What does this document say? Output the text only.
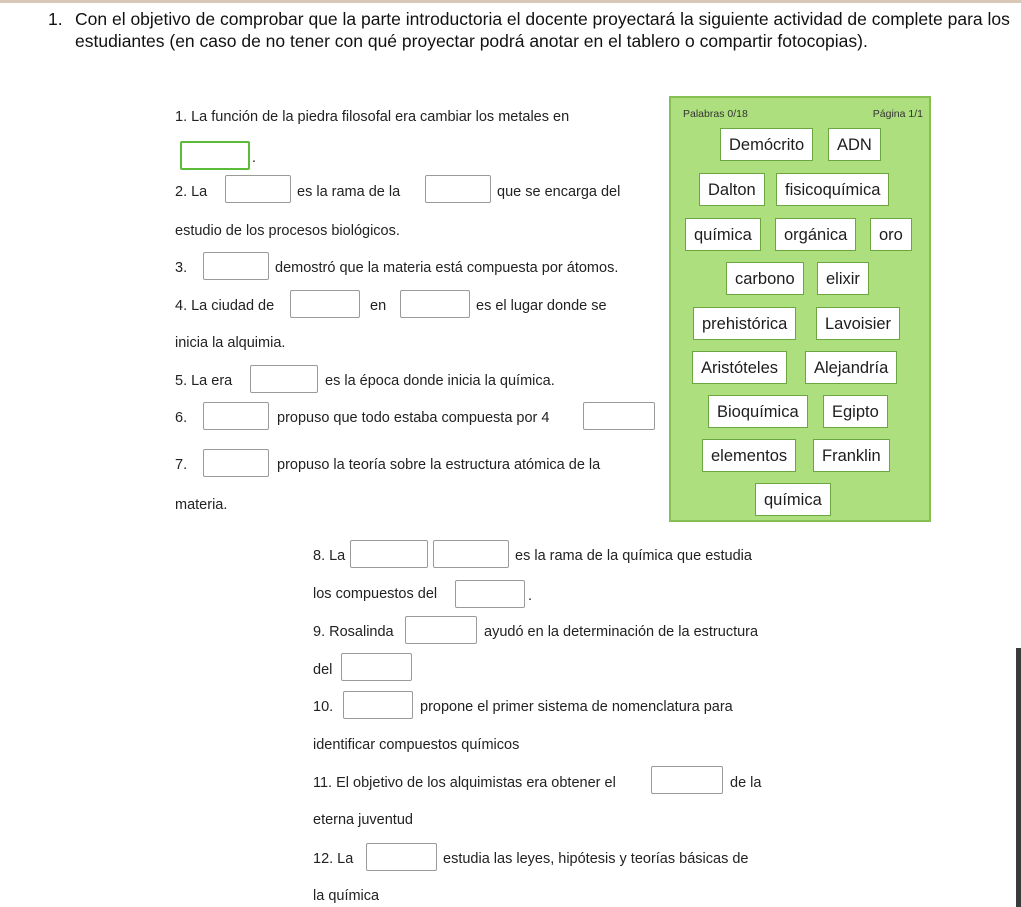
1. Con el objetivo de comprobar que la parte introductoria el docente proyectará la siguiente actividad de complete para los estudiantes (en caso de no tener con qué proyectar podrá anotar en el tablero o compartir fotocopias).
1. La función de la piedra filosofal era cambiar los metales en
.
2. La	es la rama de la	que se encarga del
estudio de los procesos biológicos.
3.	demostró que la materia está compuesta por átomos.
4. La ciudad de	en	es el lugar donde se
inicia la alquimia.
5. La era	es la época donde inicia la química.
6.	propuso que todo estaba compuesta por 4
7.	propuso la teoría sobre la estructura atómica de la
materia.
Palabras 0/18	Página 1/1
Demócrito	ADN
Dalton	fisicoquímica
química	orgánica	oro
carbono	elixir
prehistórica	Lavoisier
Aristóteles	Alejandría
Bioquímica	Egipto
elementos	Franklin
química
8. La	es la rama de la química que estudia
los compuestos del	.
9. Rosalinda	ayudó en la determinación de la estructura
del
10.	propone el primer sistema de nomenclatura para
identificar compuestos químicos
11. El objetivo de los alquimistas era obtener el	de la
eterna juventud
12. La	estudia las leyes, hipótesis y teorías básicas de
la química
